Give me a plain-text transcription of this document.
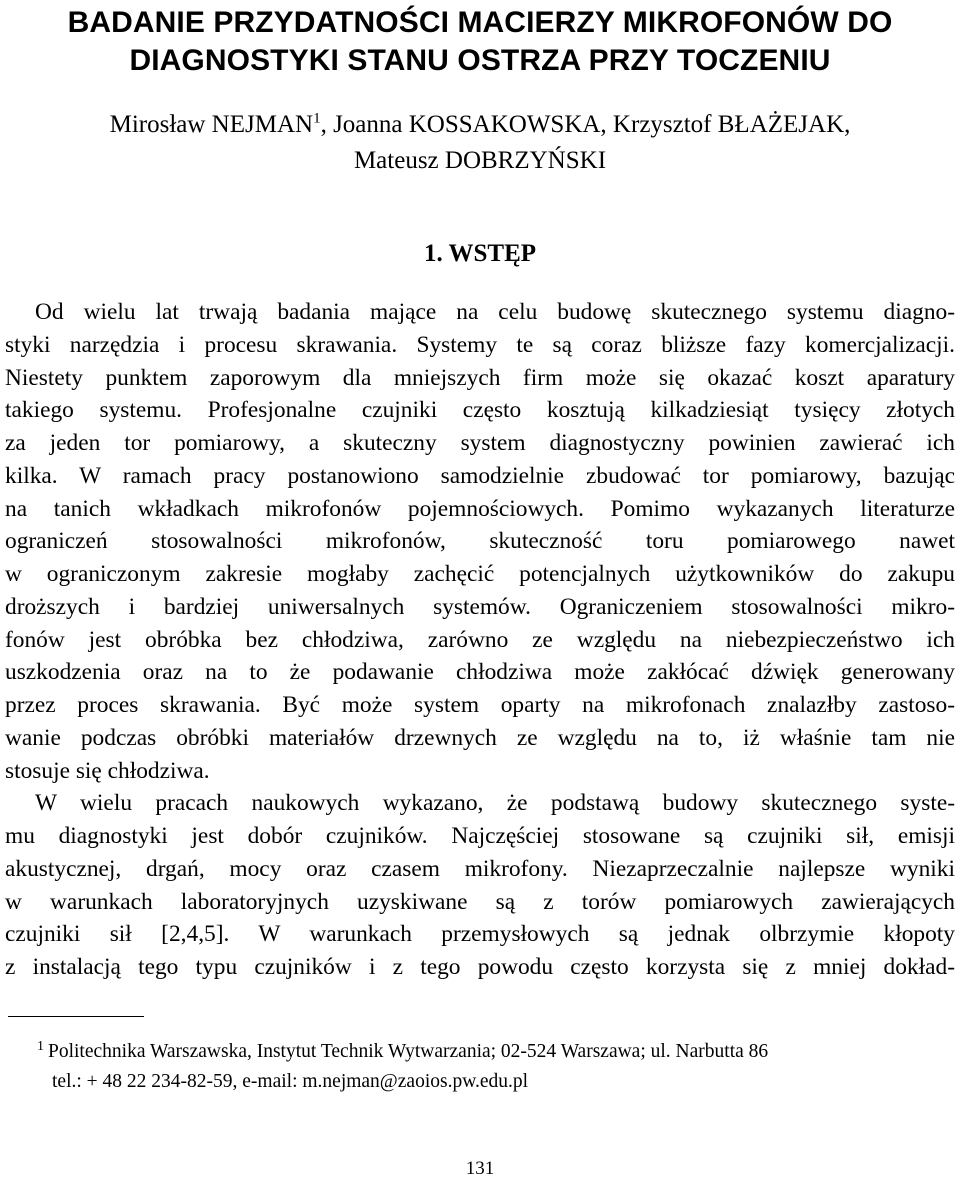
BADANIE PRZYDATNOŚCI MACIERZY MIKROFONÓW DO
DIAGNOSTYKI STANU OSTRZA PRZY TOCZENIU
Mirosław NEJMAN$^1$, Joanna KOSSAKOWSKA, Krzysztof BŁAŻEJAK,
Mateusz DOBRZYŃSKI
1. WSTĘP
Od wielu lat trwają badania mające na celu budowę skutecznego systemu diagno-
styki narzędzia i procesu skrawania. Systemy te są coraz bliższe fazy komercjalizacji.
Niestety punktem zaporowym dla mniejszych firm może się okazać koszt aparatury
takiego systemu. Profesjonalne czujniki często kosztują kilkadziesiąt tysięcy złotych
za jeden tor pomiarowy, a skuteczny system diagnostyczny powinien zawierać ich
kilka. W ramach pracy postanowiono samodzielnie zbudować tor pomiarowy, bazując
na tanich wkładkach mikrofonów pojemnościowych. Pomimo wykazanych literaturze
ograniczeń stosowalności mikrofonów, skuteczność toru pomiarowego nawet
w ograniczonym zakresie mogłaby zachęcić potencjalnych użytkowników do zakupu
droższych i bardziej uniwersalnych systemów. Ograniczeniem stosowalności mikro-
fonów jest obróbka bez chłodziwa, zarówno ze względu na niebezpieczeństwo ich
uszkodzenia oraz na to że podawanie chłodziwa może zakłócać dźwięk generowany
przez proces skrawania. Być może system oparty na mikrofonach znalazłby zastoso-
wanie podczas obróbki materiałów drzewnych ze względu na to, iż właśnie tam nie
stosuje się chłodziwa.
W wielu pracach naukowych wykazano, że podstawą budowy skutecznego syste-
mu diagnostyki jest dobór czujników. Najczęściej stosowane są czujniki sił, emisji
akustycznej, drgań, mocy oraz czasem mikrofony. Niezaprzeczalnie najlepsze wyniki
w warunkach laboratoryjnych uzyskiwane są z torów pomiarowych zawierających
czujniki sił [2,4,5]. W warunkach przemysłowych są jednak olbrzymie kłopoty
z instalacją tego typu czujników i z tego powodu często korzysta się z mniej dokład-
1 Politechnika Warszawska, Instytut Technik Wytwarzania; 02-524 Warszawa; ul. Narbutta 86
tel.: + 48 22 234-82-59, e-mail: m.nejman@zaoios.pw.edu.pl
131
